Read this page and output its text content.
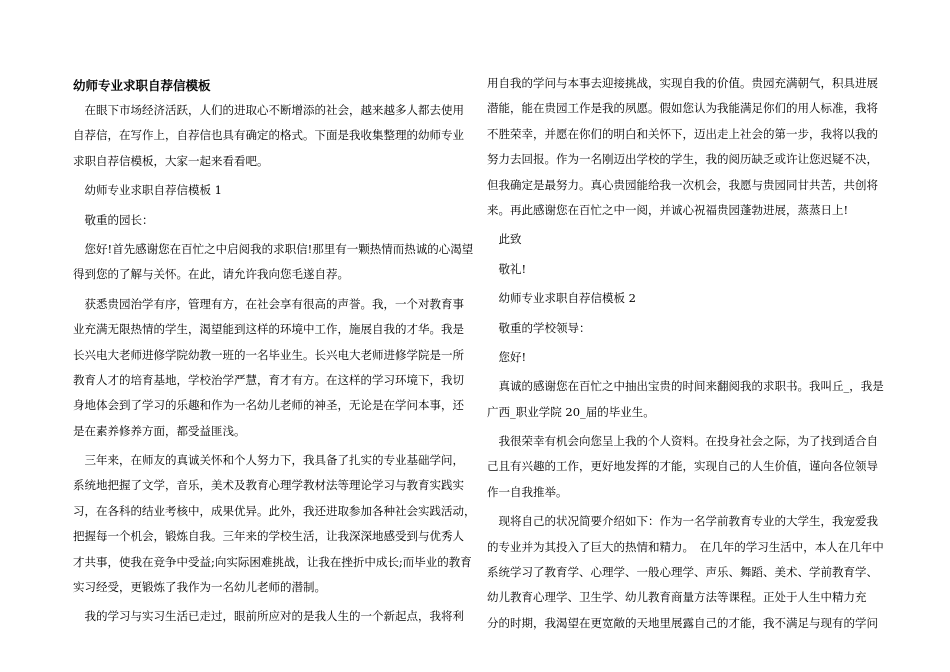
幼师专业求职自荐信模板
　在眼下市场经济活跃，人们的进取心不断增添的社会，越来越多人都去使用
自荐信，在写作上，自荐信也具有确定的格式。下面是我收集整理的幼师专业
求职自荐信模板，大家一起来看看吧。
　幼师专业求职自荐信模板 1
　敬重的园长：
　您好!首先感谢您在百忙之中启阅我的求职信!那里有一颗热情而热诚的心渴望
得到您的了解与关怀。在此，请允许我向您毛遂自荐。
　获悉贵园治学有序，管理有方，在社会享有很高的声誉。我，一个对教育事
业充满无限热情的学生，渴望能到这样的环境中工作，施展自我的才华。我是
长兴电大老师进修学院幼教一班的一名毕业生。长兴电大老师进修学院是一所
教育人才的培育基地，学校治学严慧，育才有方。在这样的学习环境下，我切
身地体会到了学习的乐趣和作为一名幼儿老师的神圣，无论是在学问本事，还
是在素养修养方面，都受益匪浅。
　三年来，在师友的真诚关怀和个人努力下，我具备了扎实的专业基础学问，
系统地把握了文学，音乐，美术及教育心理学教材法等理论学习与教育实践实
习，在各科的结业考核中，成果优异。此外，我还进取参加各种社会实践活动，
把握每一个机会，锻炼自我。三年来的学校生活，让我深深地感受到与优秀人
才共事，使我在竞争中受益;向实际困难挑战，让我在挫折中成长;而毕业的教育
实习经受，更锻炼了我作为一名幼儿老师的潜制。
　我的学习与实习生活已走过，眼前所应对的是我人生的一个新起点，我将利
用自我的学问与本事去迎接挑战，实现自我的价值。贵园充满朝气，积具进展
潜能，能在贵园工作是我的夙愿。假如您认为我能满足你们的用人标准，我将
不胜荣幸，并愿在你们的明白和关怀下，迈出走上社会的第一步，我将以我的
努力去回报。作为一名刚迈出学校的学生，我的阅历缺乏或许让您迟疑不决，
但我确定是最努力。真心贵园能给我一次机会，我愿与贵园同甘共苦，共创将
来。再此感谢您在百忙之中一阅，并诚心祝福贵园蓬勃进展，蒸蒸日上!
　此致
　敬礼!
　幼师专业求职自荐信模板 2
　敬重的学校领导：
　您好!
　真诚的感谢您在百忙之中抽出宝贵的时间来翻阅我的求职书。我叫丘_，我是
广西_职业学院 20_届的毕业生。
　我很荣幸有机会向您呈上我的个人资料。在投身社会之际，为了找到适合自
己且有兴趣的工作，更好地发挥的才能，实现自己的人生价值，谨向各位领导
作一自我推举。
　现将自己的状况简要介绍如下：作为一名学前教育专业的大学生，我宠爱我
的专业并为其投入了巨大的热情和精力。　在几年的学习生活中，本人在几年中
系统学习了教育学、心理学、一般心理学、声乐、舞蹈、美术、学前教育学、
幼儿教育心理学、卫生学、幼儿教育商量方法等课程。正处于人生中精力充
分的时期，我渴望在更宽敞的天地里展露自己的才能，我不满足与现有的学问
